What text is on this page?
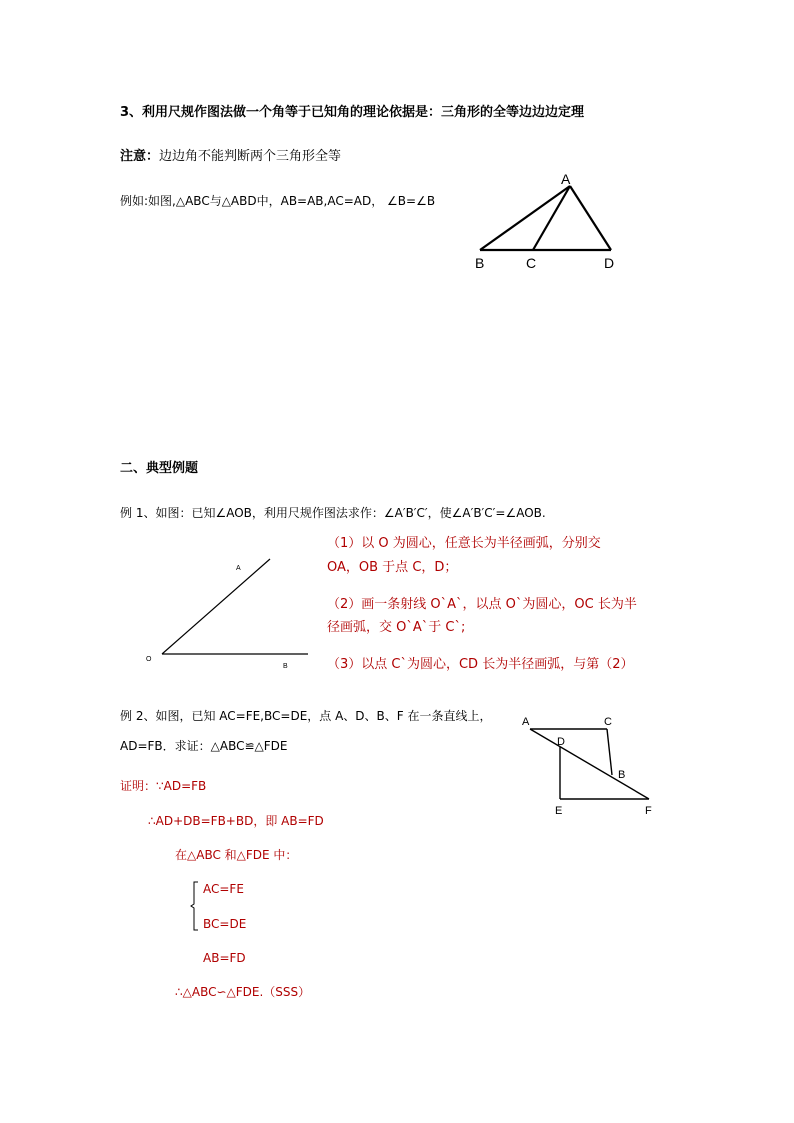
3、利用尺规作图法做一个角等于已知角的理论依据是：三角形的全等边边边定理
注意：边边角不能判断两个三角形全等
例如:如图,△ABC与△ABD中，AB=AB,AC=AD， ∠B=∠B
A
B	C	D
二、典型例题
例 1、如图：已知∠AOB，利用尺规作图法求作：∠A′B′C′，使∠A′B′C′=∠AOB.
A
O
B
（1）以 O 为圆心，任意长为半径画弧，分别交
OA，OB 于点 C，D；
（2）画一条射线 O`A`，以点 O`为圆心，OC 长为半
径画弧，交 O`A`于 C`;
（3）以点 C`为圆心，CD 长为半径画弧，与第（2）
例 2、如图，已知 AC=FE,BC=DE，点 A、D、B、F 在一条直线上，
AD=FB．求证：△ABC≌△FDE
A	C
D
B
E	F
证明：∵AD=FB
∴AD+DB=FB+BD，即 AB=FD
在△ABC 和△FDE 中：
AC=FE
BC=DE
AB=FD
∴△ABC∽△FDE.（SSS）
